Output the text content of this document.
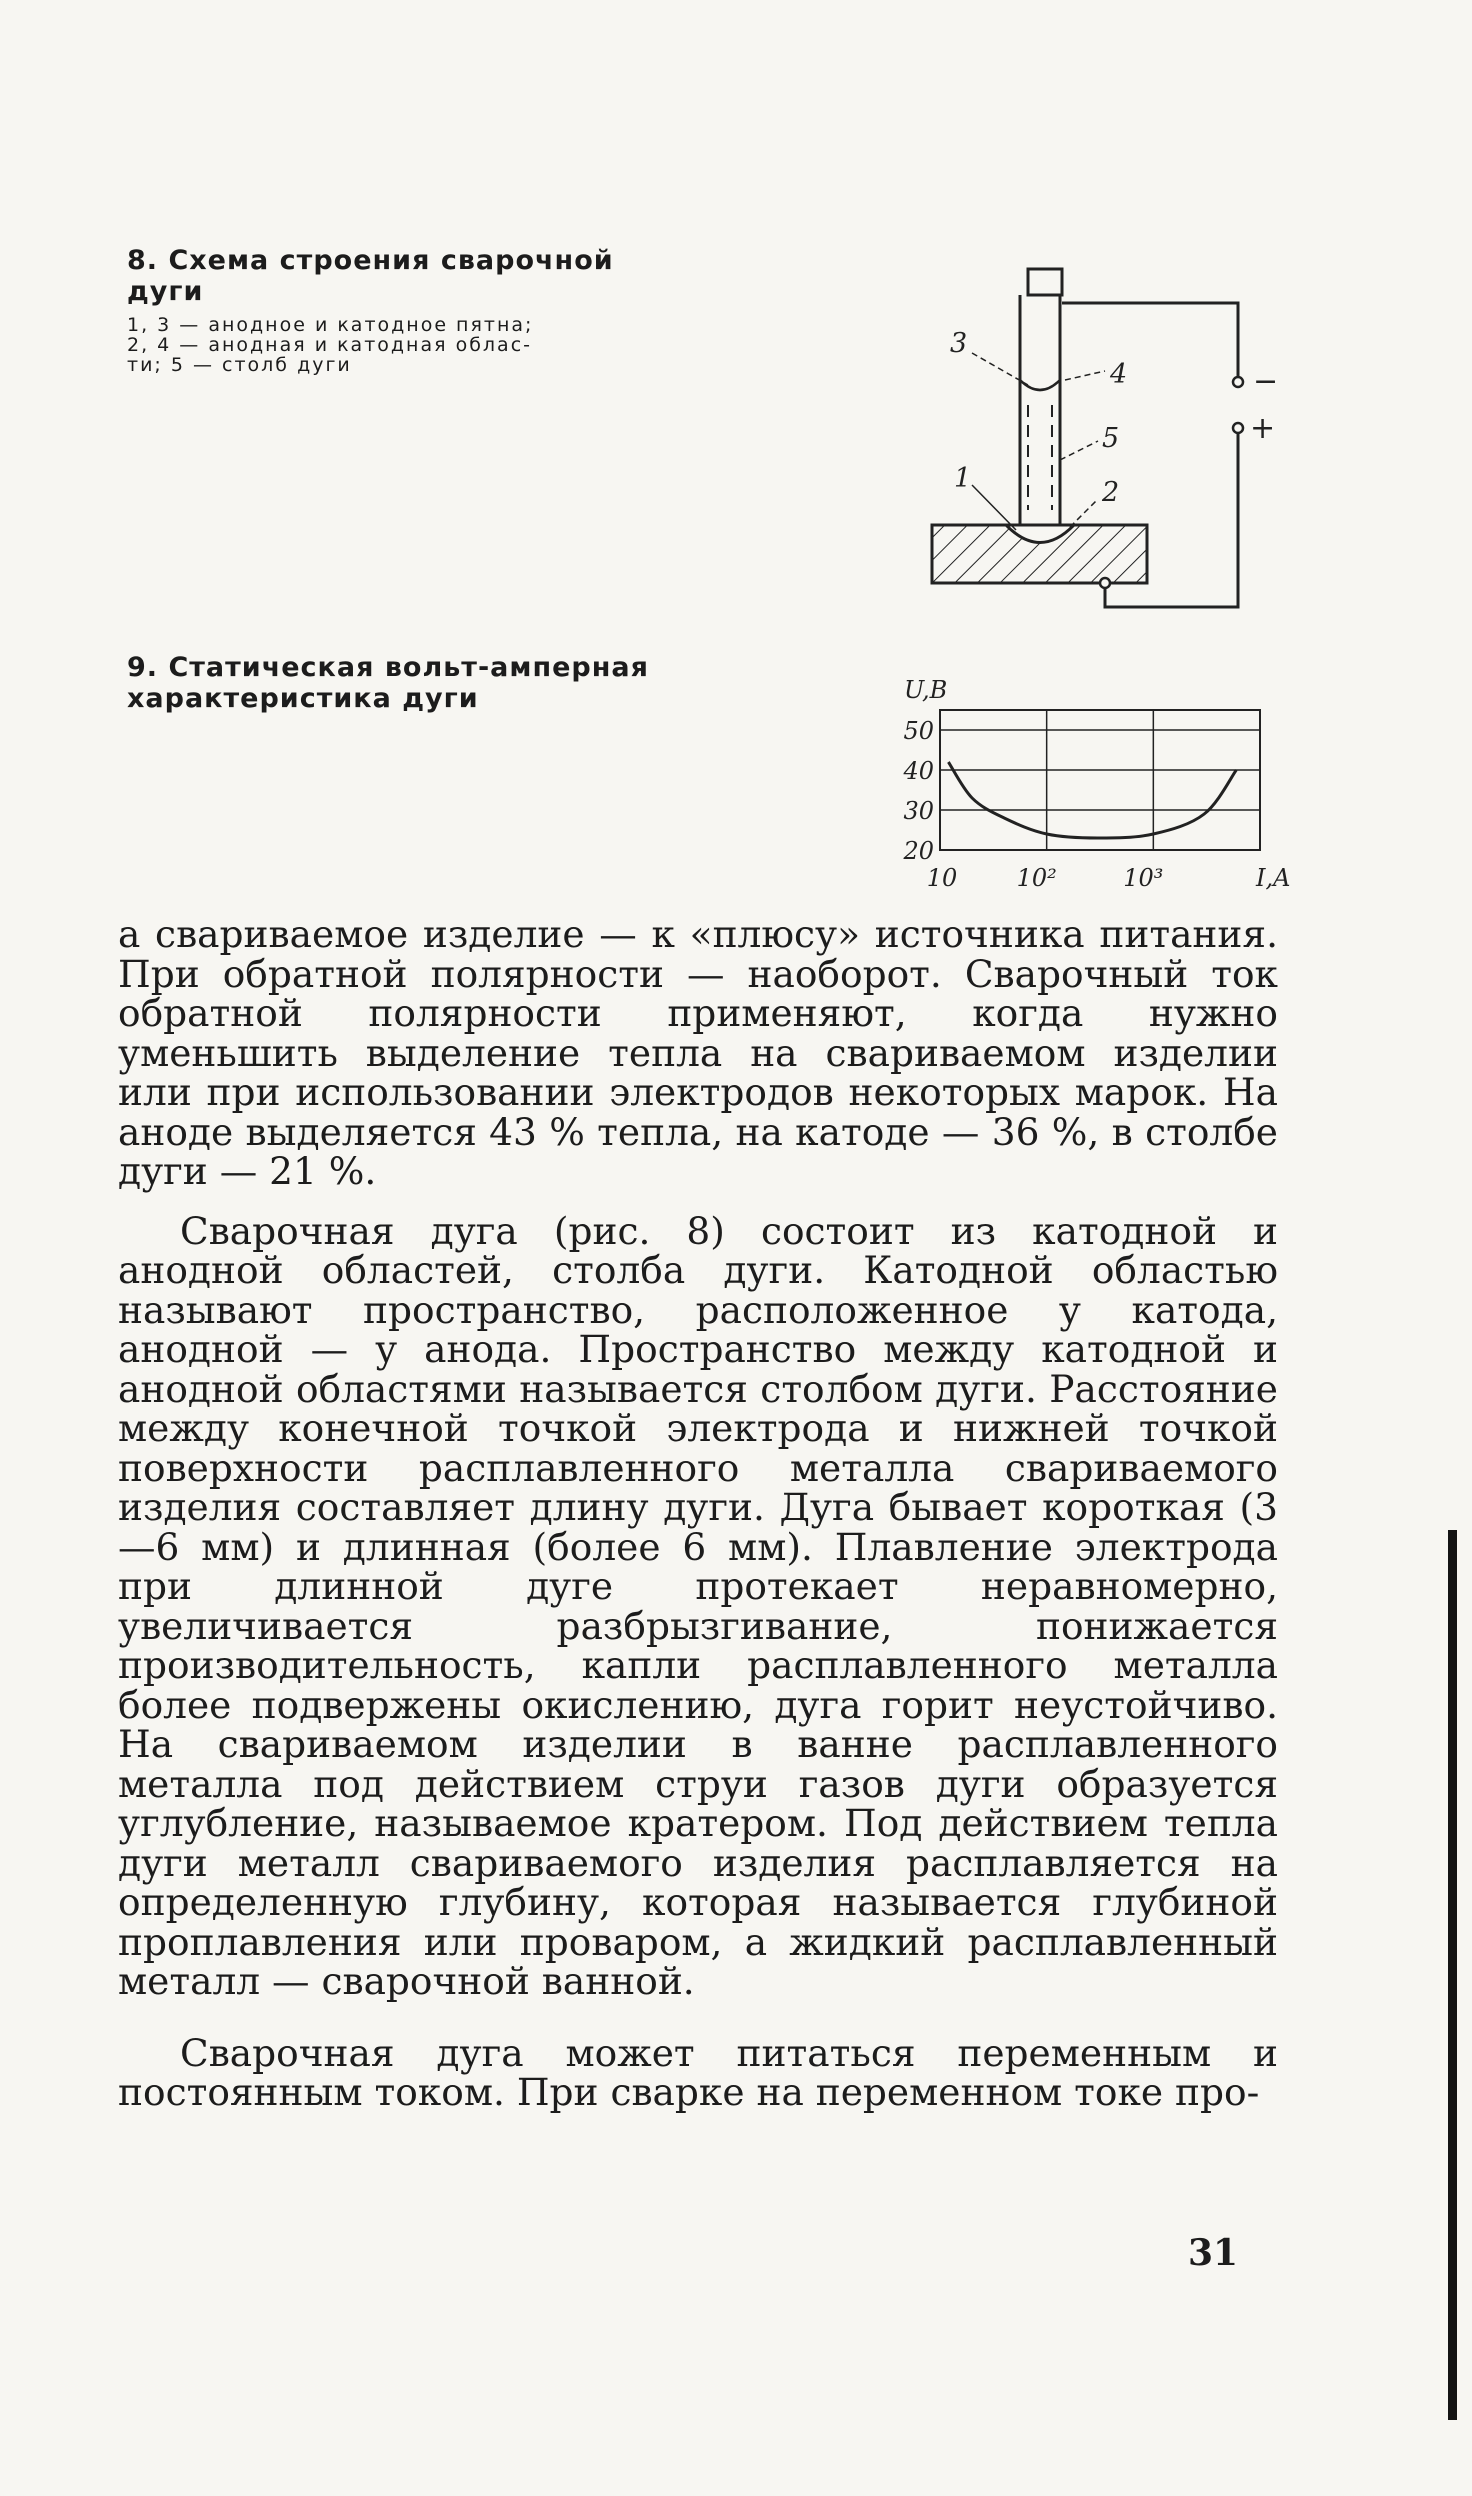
8. Схема строения сварочной
дуги
1, 3 — анодное и катодное пятна;
2, 4 — анодная и катодная облас-
ти; 5 — столб дуги
3
4
5
1	2
−
+
9. Статическая вольт-амперная
характеристика дуги
50
40
30
20
10 10²	10³
U,В
I,A

а свариваемое изделие — к «плюсу» источника питания. При обратной полярности — наоборот. Сварочный ток обратной полярности применяют, когда нужно уменьшить выделение тепла на свариваемом изделии или при использовании электродов некоторых марок. На аноде выделяется 43 % тепла, на катоде — 36 %, в столбе дуги — 21 %.

Сварочная дуга (рис. 8) состоит из катодной и анодной областей, столба дуги. Катодной областью называют пространство, расположенное у катода, анодной — у анода. Пространство между катодной и анодной областями называется столбом дуги. Расстояние между конечной точкой электрода и нижней точкой поверхности расплавленного металла свариваемого изделия составляет длину дуги. Дуга бывает короткая (3—6 мм) и длинная (более 6 мм). Плавление электрода при длинной дуге протекает неравномерно, увеличивается разбрызгивание, понижается производительность, капли расплавленного металла более подвержены окислению, дуга горит неустойчиво. На свариваемом изделии в ванне расплавленного металла под действием струи газов дуги образуется углубление, называемое кратером. Под действием тепла дуги металл свариваемого изделия расплавляется на определенную глубину, которая называется глубиной проплавления или проваром, а жидкий расплавленный металл — сварочной ванной.

Сварочная дуга может питаться переменным и постоянным током. При сварке на переменном токе про-

31
